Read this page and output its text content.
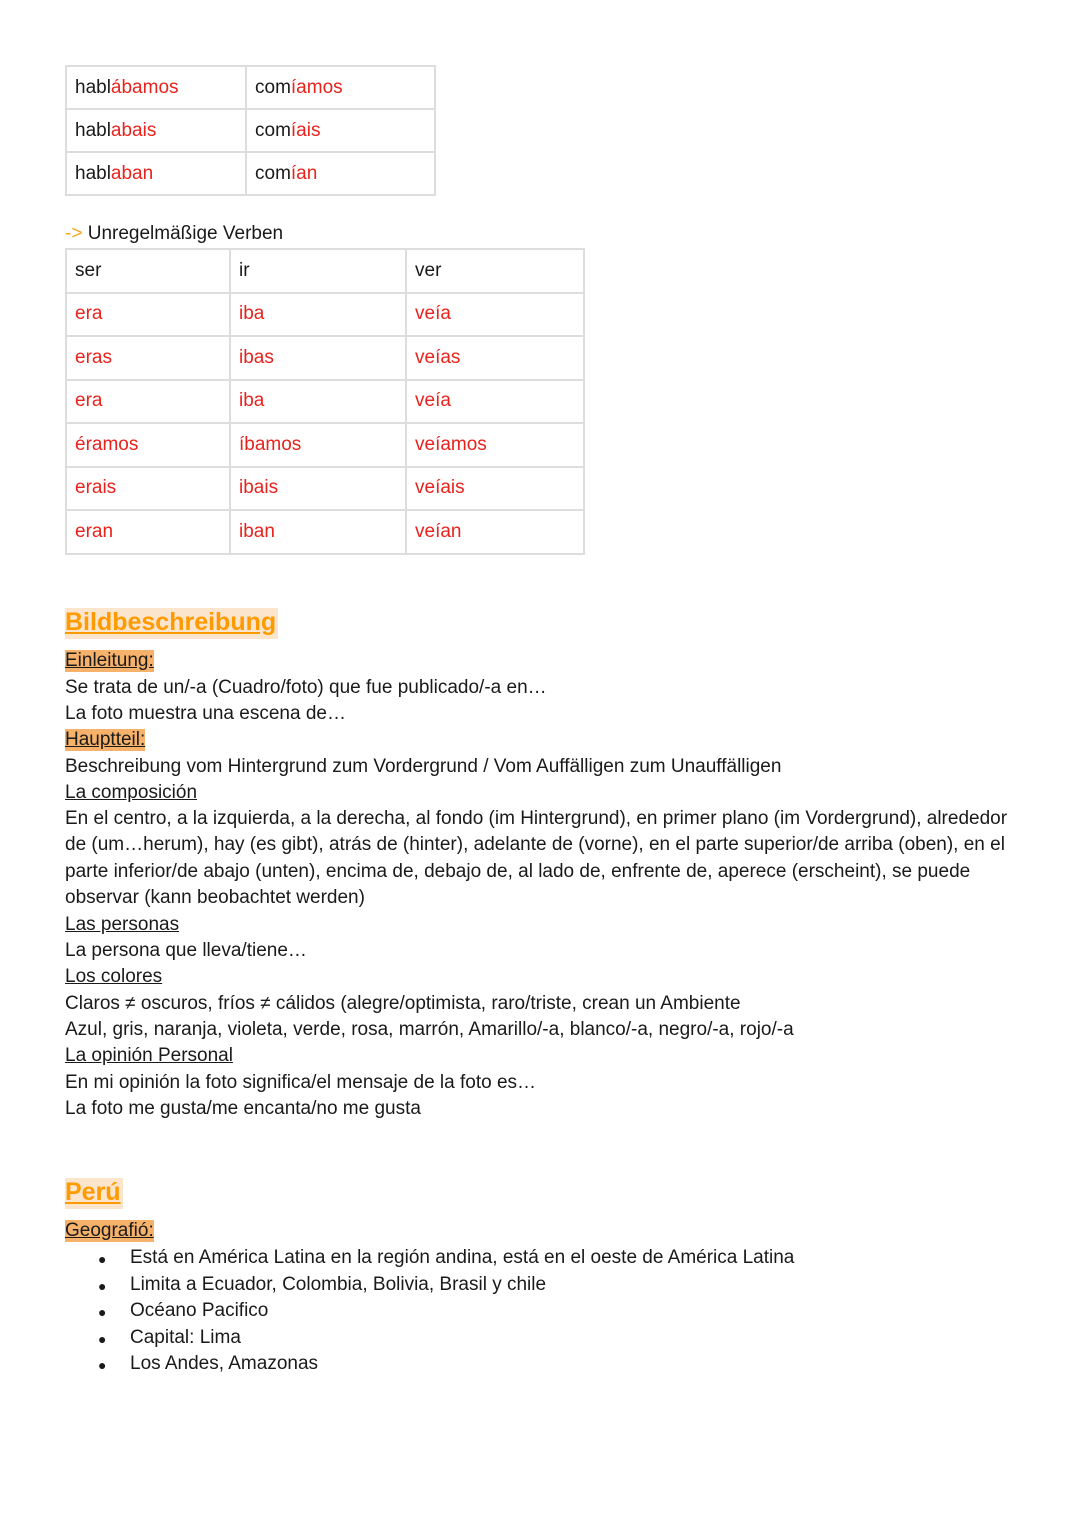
hablábamos	comíamos
hablabais	comíais
hablaban	comían
-> Unregelmäßige Verben
ser	ir	ver
era	iba	veía
eras	ibas	veías
era	iba	veía
éramos	íbamos	veíamos
erais	ibais	veíais
eran	iban	veían
Bildbeschreibung
Einleitung:
Se trata de un/-a (Cuadro/foto) que fue publicado/-a en…
La foto muestra una escena de…
Hauptteil:
Beschreibung vom Hintergrund zum Vordergrund / Vom Auffälligen zum Unauffälligen
La composición
En el centro, a la izquierda, a la derecha, al fondo (im Hintergrund), en primer plano (im Vordergrund), alrededor de (um…herum), hay (es gibt), atrás de (hinter), adelante de (vorne), en el parte superior/de arriba (oben), en el parte inferior/de abajo (unten), encima de, debajo de, al lado de, enfrente de, aperece (erscheint), se puede observar (kann beobachtet werden)
Las personas
La persona que lleva/tiene…
Los colores
Claros ≠ oscuros, fríos ≠ cálidos (alegre/optimista, raro/triste, crean un Ambiente
Azul, gris, naranja, violeta, verde, rosa, marrón, Amarillo/-a, blanco/-a, negro/-a, rojo/-a
La opinión Personal
En mi opinión la foto significa/el mensaje de la foto es…
La foto me gusta/me encanta/no me gusta
Perú
Geografió:
● Está en América Latina en la región andina, está en el oeste de América Latina
● Limita a Ecuador, Colombia, Bolivia, Brasil y chile
● Océano Pacifico
● Capital: Lima
● Los Andes, Amazonas
